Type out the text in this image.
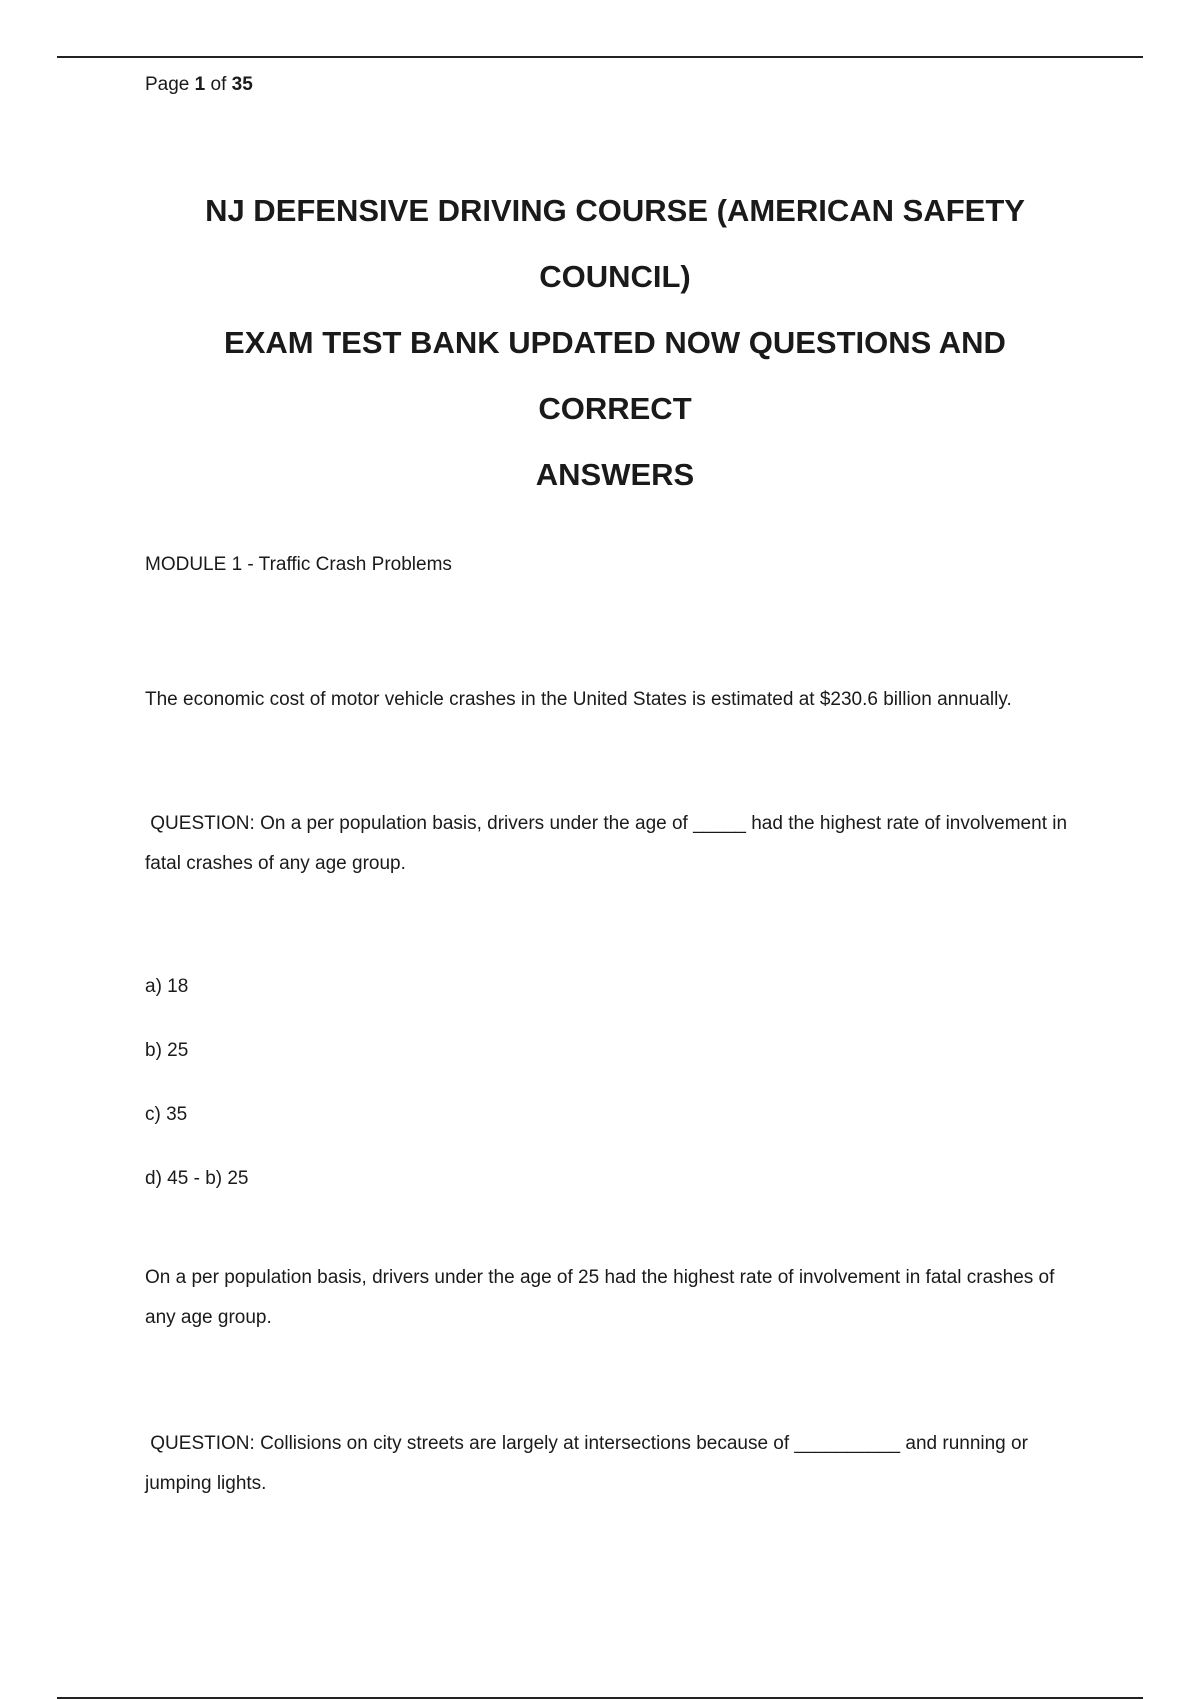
Page 1 of 35

NJ DEFENSIVE DRIVING COURSE (AMERICAN SAFETY COUNCIL)
EXAM TEST BANK UPDATED NOW QUESTIONS AND CORRECT
ANSWERS

MODULE 1 - Traffic Crash Problems

The economic cost of motor vehicle crashes in the United States is estimated at $230.6 billion annually.

QUESTION: On a per population basis, drivers under the age of _____ had the highest rate of involvement in fatal crashes of any age group.

a) 18

b) 25

c) 35

d) 45 - b) 25

On a per population basis, drivers under the age of 25 had the highest rate of involvement in fatal crashes of any age group.

QUESTION: Collisions on city streets are largely at intersections because of __________ and running or jumping lights.
